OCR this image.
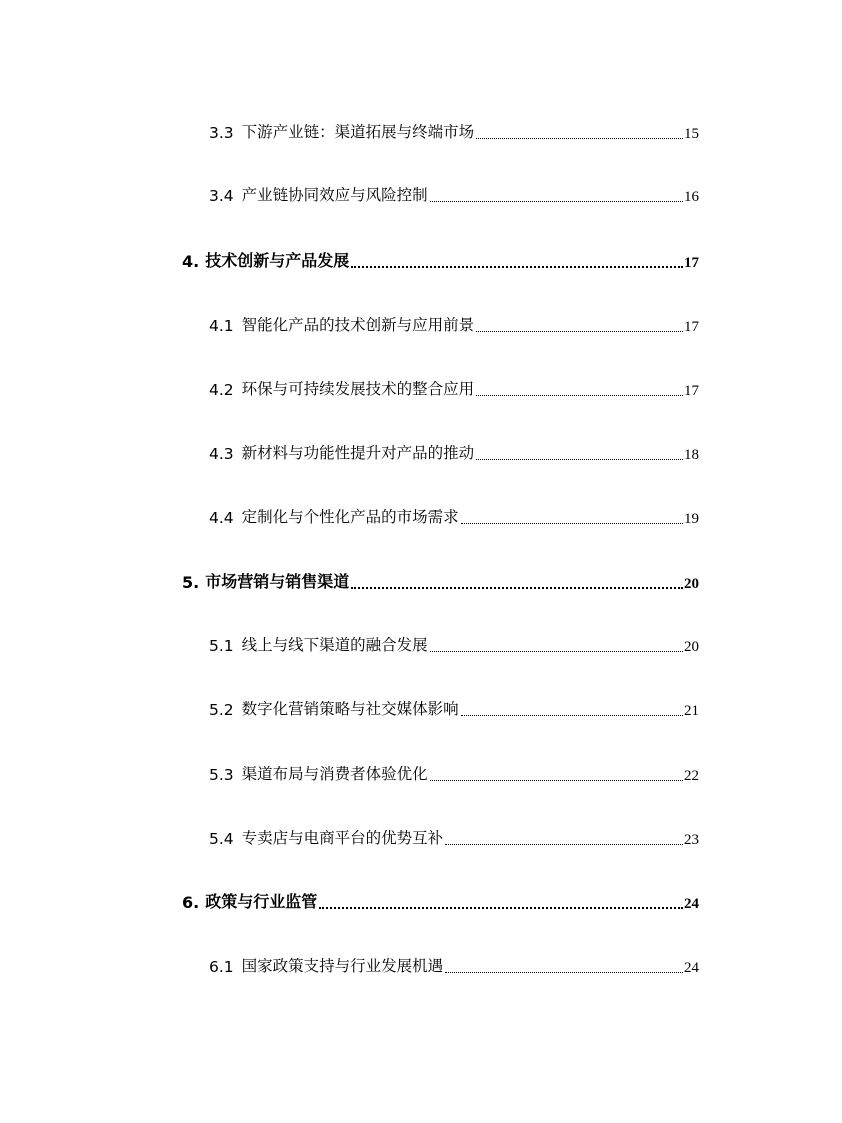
3.3 下游产业链：渠道拓展与终端市场	15
3.4 产业链协同效应与风险控制	16
4. 技术创新与产品发展	17
4.1 智能化产品的技术创新与应用前景	17
4.2 环保与可持续发展技术的整合应用	17
4.3 新材料与功能性提升对产品的推动	18
4.4 定制化与个性化产品的市场需求	19
5. 市场营销与销售渠道	20
5.1 线上与线下渠道的融合发展	20
5.2 数字化营销策略与社交媒体影响	21
5.3 渠道布局与消费者体验优化	22
5.4 专卖店与电商平台的优势互补	23
6. 政策与行业监管	24
6.1 国家政策支持与行业发展机遇	24
